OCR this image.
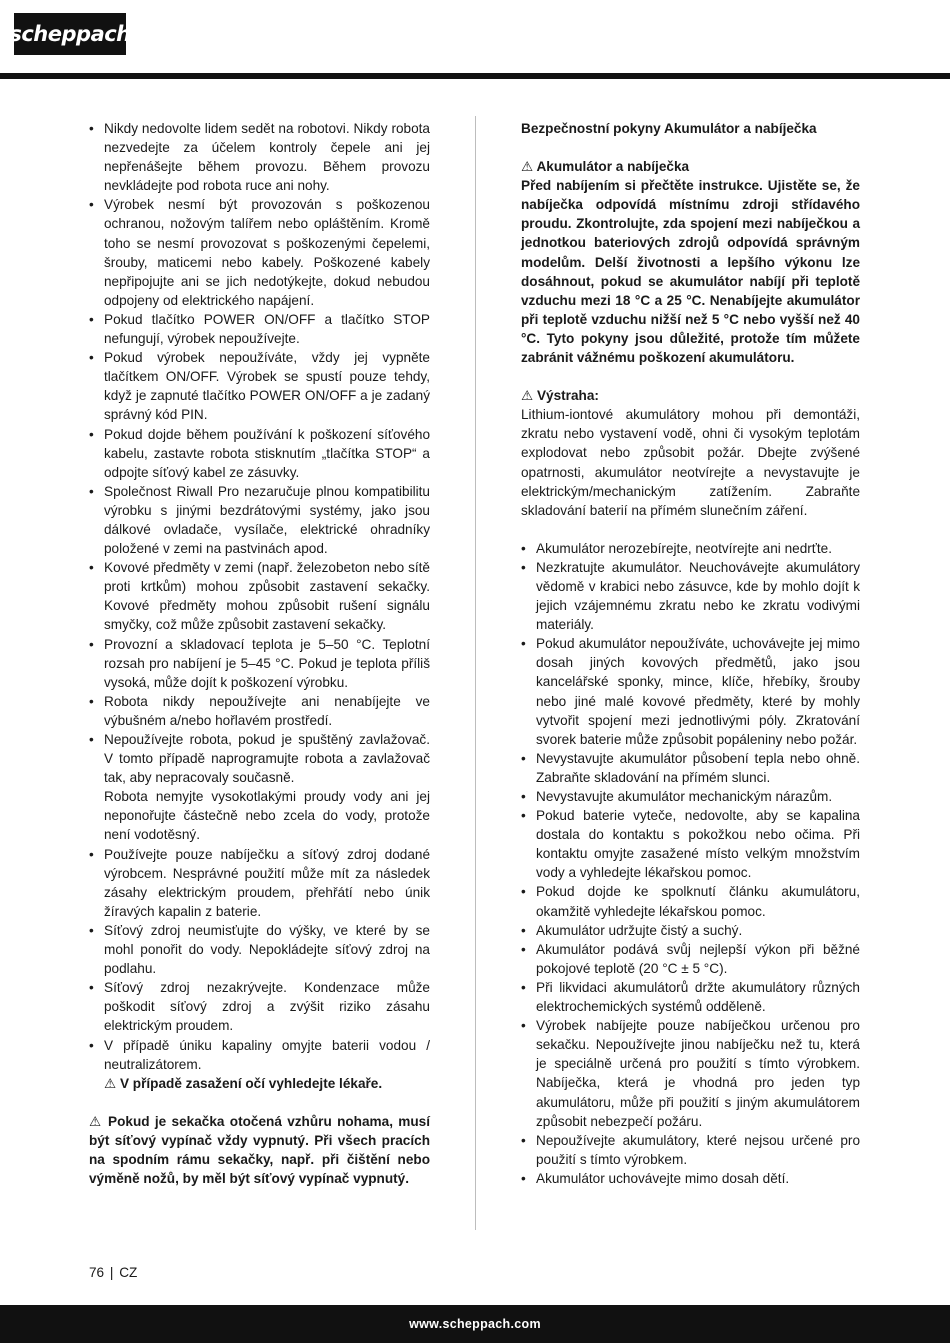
scheppach
• Nikdy nedovolte lidem sedět na robotovi. Nikdy robota nezvedejte za účelem kontroly čepele ani jej nepřenášejte během provozu. Během provozu nevkládejte pod robota ruce ani nohy.
• Výrobek nesmí být provozován s poškozenou ochranou, nožovým talířem nebo opláštěním. Kromě toho se nesmí provozovat s poškozenými čepelemi, šrouby, maticemi nebo kabely. Poškozené kabely nepřipojujte ani se jich nedotýkejte, dokud nebudou odpojeny od elektrického napájení.
• Pokud tlačítko POWER ON/OFF a tlačítko STOP nefungují, výrobek nepoužívejte.
• Pokud výrobek nepoužíváte, vždy jej vypněte tlačítkem ON/OFF. Výrobek se spustí pouze tehdy, když je zapnuté tlačítko POWER ON/OFF a je zadaný správný kód PIN.
• Pokud dojde během používání k poškození síťového kabelu, zastavte robota stisknutím „tlačítka STOP“ a odpojte síťový kabel ze zásuvky.
• Společnost Riwall Pro nezaručuje plnou kompatibilitu výrobku s jinými bezdrátovými systémy, jako jsou dálkové ovladače, vysílače, elektrické ohradníky položené v zemi na pastvinách apod.
• Kovové předměty v zemi (např. železobeton nebo sítě proti krtkům) mohou způsobit zastavení sekačky. Kovové předměty mohou způsobit rušení signálu smyčky, což může způsobit zastavení sekačky.
• Provozní a skladovací teplota je 5–50 °C. Teplotní rozsah pro nabíjení je 5–45 °C. Pokud je teplota příliš vysoká, může dojít k poškození výrobku.
• Robota nikdy nepoužívejte ani nenabíjejte ve výbušném a/nebo hořlavém prostředí.
• Nepoužívejte robota, pokud je spuštěný zavlažovač. V tomto případě naprogramujte robota a zavlažovač tak, aby nepracovaly současně.
Robota nemyjte vysokotlakými proudy vody ani jej neponořujte částečně nebo zcela do vody, protože není vodotěsný.
• Používejte pouze nabíječku a síťový zdroj dodané výrobcem. Nesprávné použití může mít za následek zásahy elektrickým proudem, přehřátí nebo únik žíravých kapalin z baterie.
• Síťový zdroj neumisťujte do výšky, ve které by se mohl ponořit do vody. Nepokládejte síťový zdroj na podlahu.
• Síťový zdroj nezakrývejte. Kondenzace může poškodit síťový zdroj a zvýšit riziko zásahu elektrickým proudem.
• V případě úniku kapaliny omyjte baterii vodou / neutralizátorem.
⚠ V případě zasažení očí vyhledejte lékaře.
⚠ Pokud je sekačka otočená vzhůru nohama, musí být síťový vypínač vždy vypnutý. Při všech pracích na spodním rámu sekačky, např. při čištění nebo výměně nožů, by měl být síťový vypínač vypnutý.
Bezpečnostní pokyny Akumulátor a nabíječka
⚠ Akumulátor a nabíječka
Před nabíjením si přečtěte instrukce. Ujistěte se, že nabíječka odpovídá místnímu zdroji střídavého proudu. Zkontrolujte, zda spojení mezi nabíječkou a jednotkou bateriových zdrojů odpovídá správným modelům. Delší životnosti a lepšího výkonu lze dosáhnout, pokud se akumulátor nabíjí při teplotě vzduchu mezi 18 °C a 25 °C. Nenabíjejte akumulátor při teplotě vzduchu nižší než 5 °C nebo vyšší než 40 °C. Tyto pokyny jsou důležité, protože tím můžete zabránit vážnému poškození akumulátoru.
⚠ Výstraha:
Lithium-iontové akumulátory mohou při demontáži, zkratu nebo vystavení vodě, ohni či vysokým teplotám explodovat nebo způsobit požár. Dbejte zvýšené opatrnosti, akumulátor neotvírejte a nevystavujte je elektrickým/mechanickým zatížením. Zabraňte skladování baterií na přímém slunečním záření.
• Akumulátor nerozebírejte, neotvírejte ani nedrťte.
• Nezkratujte akumulátor. Neuchovávejte akumulátory vědomě v krabici nebo zásuvce, kde by mohlo dojít k jejich vzájemnému zkratu nebo ke zkratu vodivými materiály.
• Pokud akumulátor nepoužíváte, uchovávejte jej mimo dosah jiných kovových předmětů, jako jsou kancelářské sponky, mince, klíče, hřebíky, šrouby nebo jiné malé kovové předměty, které by mohly vytvořit spojení mezi jednotlivými póly. Zkratování svorek baterie může způsobit popáleniny nebo požár.
• Nevystavujte akumulátor působení tepla nebo ohně. Zabraňte skladování na přímém slunci.
• Nevystavujte akumulátor mechanickým nárazům.
• Pokud baterie vyteče, nedovolte, aby se kapalina dostala do kontaktu s pokožkou nebo očima. Při kontaktu omyjte zasažené místo velkým množstvím vody a vyhledejte lékařskou pomoc.
• Pokud dojde ke spolknutí článku akumulátoru, okamžitě vyhledejte lékařskou pomoc.
• Akumulátor udržujte čistý a suchý.
• Akumulátor podává svůj nejlepší výkon při běžné pokojové teplotě (20 °C ± 5 °C).
• Při likvidaci akumulátorů držte akumulátory různých elektrochemických systémů odděleně.
• Výrobek nabíjejte pouze nabíječkou určenou pro sekačku. Nepoužívejte jinou nabíječku než tu, která je speciálně určená pro použití s tímto výrobkem. Nabíječka, která je vhodná pro jeden typ akumulátoru, může při použití s jiným akumulátorem způsobit nebezpečí požáru.
• Nepoužívejte akumulátory, které nejsou určené pro použití s tímto výrobkem.
• Akumulátor uchovávejte mimo dosah dětí.
76 | CZ
www.scheppach.com
